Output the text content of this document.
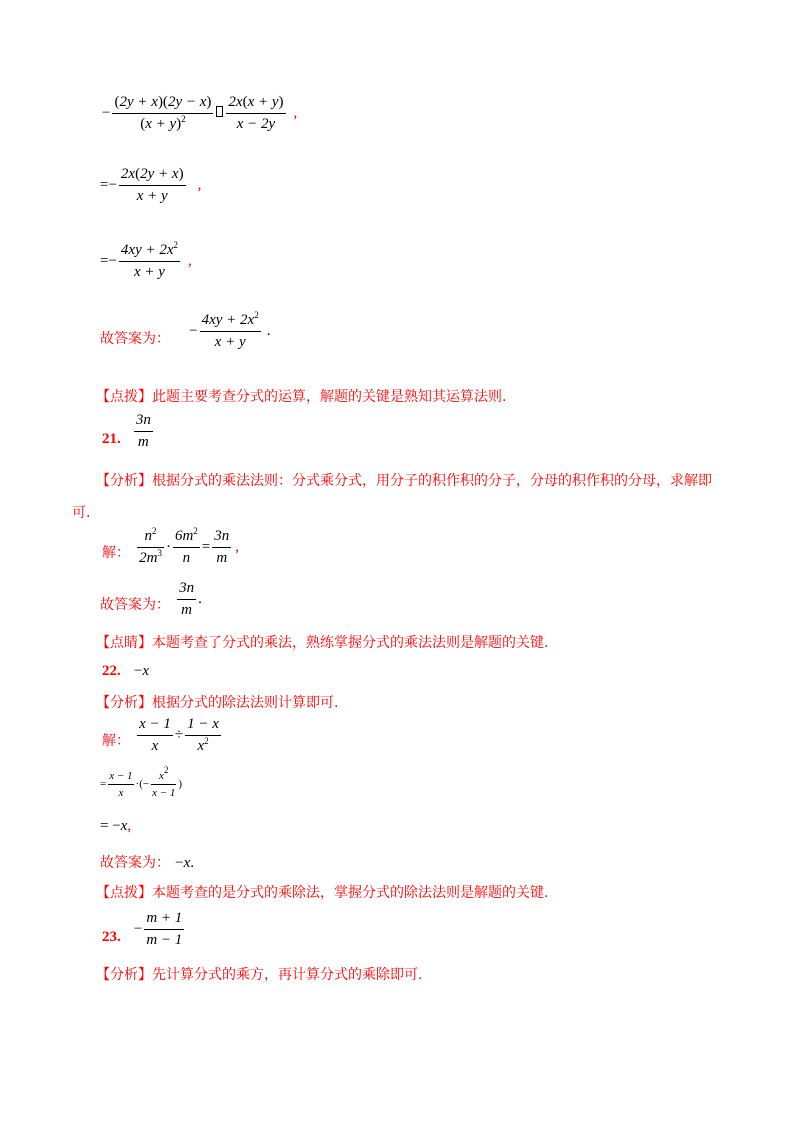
− $\frac{(2y + x)(2y - x)}{(x + y)^2} \frac{2x(x + y)}{x - 2y}$ ,
=− $\frac{2x(2y + x)}{x + y}$ ,
=− $\frac{4xy + 2x^2}{x + y}$ ,
故答案为： − $\frac{4xy + 2x^2}{x + y}$ .
【点拨】此题主要考查分式的运算，解题的关键是熟知其运算法则.
21. $\frac{3n}{m}$
【分析】根据分式的乘法法则：分式乘分式，用分子的积作积的分子，分母的积作积的分母，求解即
可.
解： $\frac{n^2}{2m^3} \cdot \frac{6m^2}{n} = \frac{3n}{m}$ ,
故答案为： $\frac{3n}{m}$ .
【点睛】本题考查了分式的乘法，熟练掌握分式的乘法法则是解题的关键.
22. −x
【分析】根据分式的除法法则计算即可.
解： $\frac{x - 1}{x} \div \frac{1 - x}{x^2}$
= $\frac{x - 1}{x}$ ·(− $\frac{x^2}{x - 1}$ )
= −x,
故答案为： −x.
【点拨】本题考查的是分式的乘除法，掌握分式的除法法则是解题的关键.
23. − $\frac{m + 1}{m - 1}$
【分析】先计算分式的乘方，再计算分式的乘除即可.
